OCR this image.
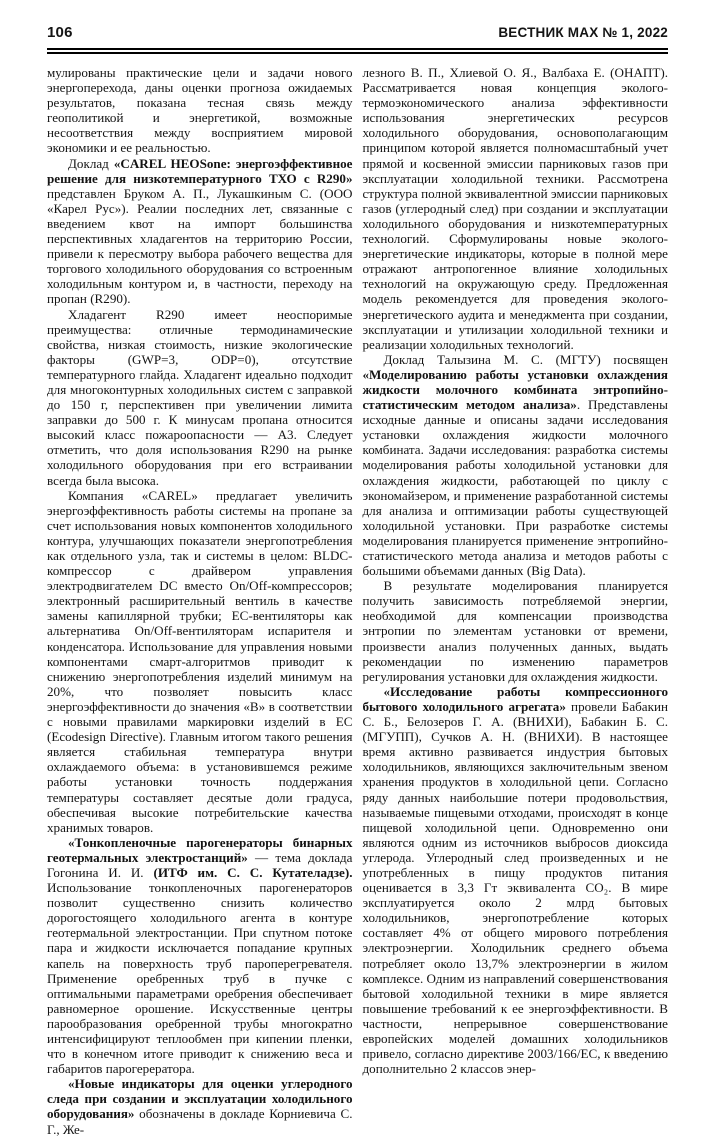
106	ВЕСТНИК МАХ № 1, 2022

мулированы практические цели и задачи нового энергоперехода, даны оценки прогноза ожидаемых результатов, показана тесная связь между геополитикой и энергетикой, возможные несоответствия между восприятием мировой экономики и ее реальностью.

Доклад «CAREL HEOSone: энергоэффективное решение для низкотемпературного ТХО с R290» представлен Бруком А. П., Лукашкиным С. (ООО «Карел Рус»). Реалии последних лет, связанные с введением квот на импорт большинства перспективных хладагентов на территорию России, привели к пересмотру выбора рабочего вещества для торгового холодильного оборудования со встроенным холодильным контуром и, в частности, переходу на пропан (R290).

Хладагент R290 имеет неоспоримые преимущества: отличные термодинамические свойства, низкая стоимость, низкие экологические факторы (GWP=3, ODP=0), отсутствие температурного глайда. Хладагент идеально подходит для многоконтурных холодильных систем с заправкой до 150 г, перспективен при увеличении лимита заправки до 500 г. К минусам пропана относится высокий класс пожароопасности — А3. Следует отметить, что доля использования R290 на рынке холодильного оборудования при его встраивании всегда была высока.

Компания «CAREL» предлагает увеличить энергоэффективность работы системы на пропане за счет использования новых компонентов холодильного контура, улучшающих показатели энергопотребления как отдельного узла, так и системы в целом: BLDC-компрессор с драйвером управления электродвигателем DC вместо On/Off-компрессоров; электронный расширительный вентиль в качестве замены капиллярной трубки; EC-вентиляторы как альтернатива On/Off-вентиляторам испарителя и конденсатора. Использование для управления новыми компонентами смарт-алгоритмов приводит к снижению энергопотребления изделий минимум на 20%, что позволяет повысить класс энергоэффективности до значения «В» в соответствии с новыми правилами маркировки изделий в ЕС (Ecodesign Directive). Главным итогом такого решения является стабильная температура внутри охлаждаемого объема: в установившемся режиме работы установки точность поддержания температуры составляет десятые доли градуса, обеспечивая высокие потребительские качества хранимых товаров.

«Тонкопленочные парогенераторы бинарных геотермальных электростанций» — тема доклада Гогонина И. И. (ИТФ им. С. С. Кутателадзе). Использование тонкопленочных парогенераторов позволит существенно снизить количество дорогостоящего холодильного агента в контуре геотермальной электростанции. При спутном потоке пара и жидкости исключается попадание крупных капель на поверхность труб пароперегревателя. Применение оребренных труб в пучке с оптимальными параметрами оребрения обеспечивает равномерное орошение. Искусственные центры парообразования оребренной трубы многократно интенсифицируют теплообмен при кипении пленки, что в конечном итоге приводит к снижению веса и габаритов парогерератора.

«Новые индикаторы для оценки углеродного следа при создании и эксплуатации холодильного оборудования» обозначены в докладе Корниевича С. Г., Же-

лезного В. П., Хлиевой О. Я., Валбаха Е. (ОНАПТ). Рассматривается новая концепция эколого-термоэкономического анализа эффективности использования энергетических ресурсов холодильного оборудования, основополагающим принципом которой является полномасштабный учет прямой и косвенной эмиссии парниковых газов при эксплуатации холодильной техники. Рассмотрена структура полной эквивалентной эмиссии парниковых газов (углеродный след) при создании и эксплуатации холодильного оборудования и низкотемпературных технологий. Сформулированы новые эколого-энергетические индикаторы, которые в полной мере отражают антропогенное влияние холодильных технологий на окружающую среду. Предложенная модель рекомендуется для проведения эколого-энергетического аудита и менеджмента при создании, эксплуатации и утилизации холодильной техники и реализации холодильных технологий.

Доклад Талызина М. С. (МГТУ) посвящен «Моделированию работы установки охлаждения жидкости молочного комбината энтропийно-статистическим методом анализа». Представлены исходные данные и описаны задачи исследования установки охлаждения жидкости молочного комбината. Задачи исследования: разработка системы моделирования работы холодильной установки для охлаждения жидкости, работающей по циклу с экономайзером, и применение разработанной системы для анализа и оптимизации работы существующей холодильной установки. При разработке системы моделирования планируется применение энтропийно-статистического метода анализа и методов работы с большими объемами данных (Big Data).

В результате моделирования планируется получить зависимость потребляемой энергии, необходимой для компенсации производства энтропии по элементам установки от времени, произвести анализ полученных данных, выдать рекомендации по изменению параметров регулирования установки для охлаждения жидкости.

«Исследование работы компрессионного бытового холодильного агрегата» провели Бабакин С. Б., Белозеров Г. А. (ВНИХИ), Бабакин Б. С. (МГУПП), Сучков А. Н. (ВНИХИ). В настоящее время активно развивается индустрия бытовых холодильников, являющихся заключительным звеном хранения продуктов в холодильной цепи. Согласно ряду данных наибольшие потери продовольствия, называемые пищевыми отходами, происходят в конце пищевой холодильной цепи. Одновременно они являются одним из источников выбросов диоксида углерода. Углеродный след произведенных и не употребленных в пищу продуктов питания оценивается в 3,3 Гт эквивалента CO₂. В мире эксплуатируется около 2 млрд бытовых холодильников, энергопотребление которых составляет 4% от общего мирового потребления электроэнергии. Холодильник среднего объема потребляет около 13,7% электроэнергии в жилом комплексе. Одним из направлений совершенствования бытовой холодильной техники в мире является повышение требований к ее энергоэффективности. В частности, непрерывное совершенствование европейских моделей домашних холодильников привело, согласно директиве 2003/166/ЕС, к введению дополнительно 2 классов энер-
